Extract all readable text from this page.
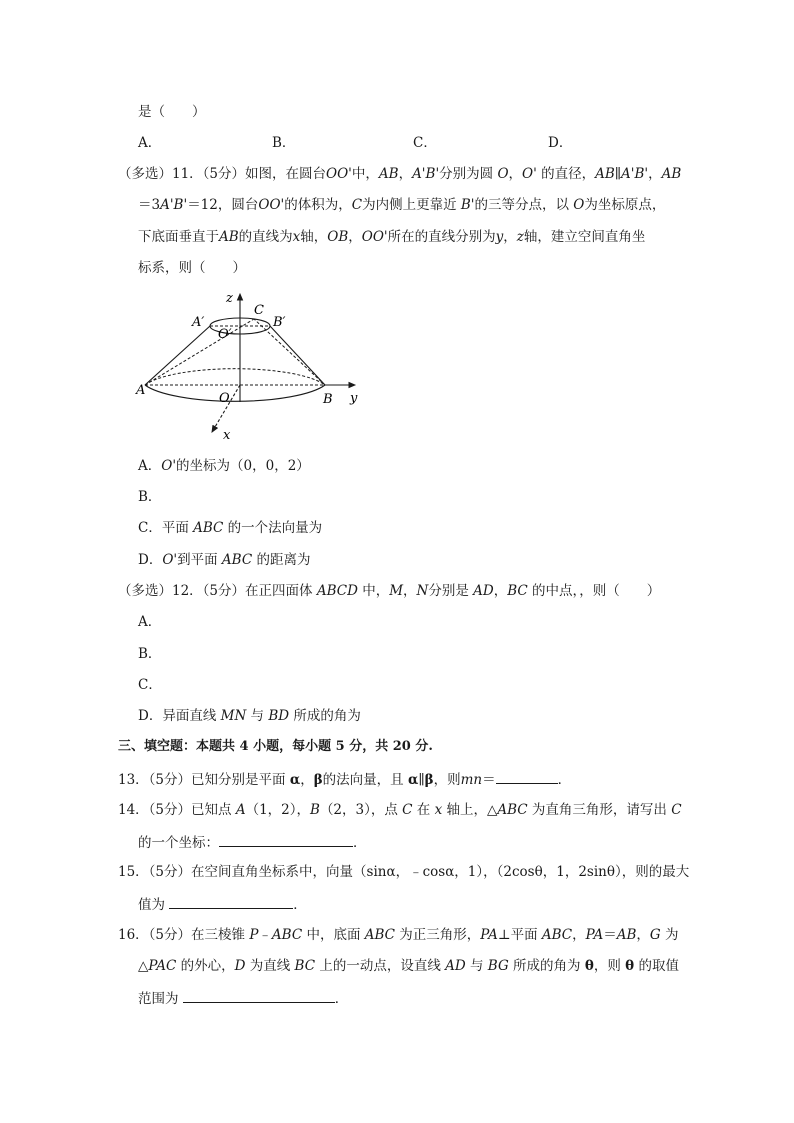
是（　　）
A．	B．	C．	D．
（多选）11．（5分）如图，在圆台OO'中，AB，A'B'分别为圆 O，O' 的直径，AB∥A'B'，AB
＝3A'B'＝12，圆台OO'的体积为，C为内侧上更靠近 B'的三等分点，以 O为坐标原点，
下底面垂直于AB的直线为x轴，OB，OO'所在的直线分别为y，z轴，建立空间直角坐
标系，则（　　）
z
C
A′	B′
O′
A
O	B y
x
A．O'的坐标为（0，0，2）
B．
C．平面 ABC 的一个法向量为
D．O'到平面 ABC 的距离为
（多选）12．（5分）在正四面体 ABCD 中，M，N分别是 AD，BC 的中点，，则（　　）
A．
B．
C．
D．异面直线 MN 与 BD 所成的角为
三、填空题：本题共 4 小题，每小题 5 分，共 20 分.
13．（5分）已知分别是平面 α，β的法向量，且 α∥β，则mn＝	．
14．（5分）已知点 A（1，2），B（2，3），点 C 在 x 轴上，△ABC 为直角三角形，请写出 C
的一个坐标：	．
15．（5分）在空间直角坐标系中，向量（sinα，﹣cosα，1），（2cosθ，1，2sinθ），则的最大
值为	．
16．（5分）在三棱锥 P﹣ABC 中，底面 ABC 为正三角形，PA⊥平面 ABC，PA＝AB，G 为
△PAC 的外心，D 为直线 BC 上的一动点，设直线 AD 与 BG 所成的角为 θ，则 θ 的取值
范围为	．
